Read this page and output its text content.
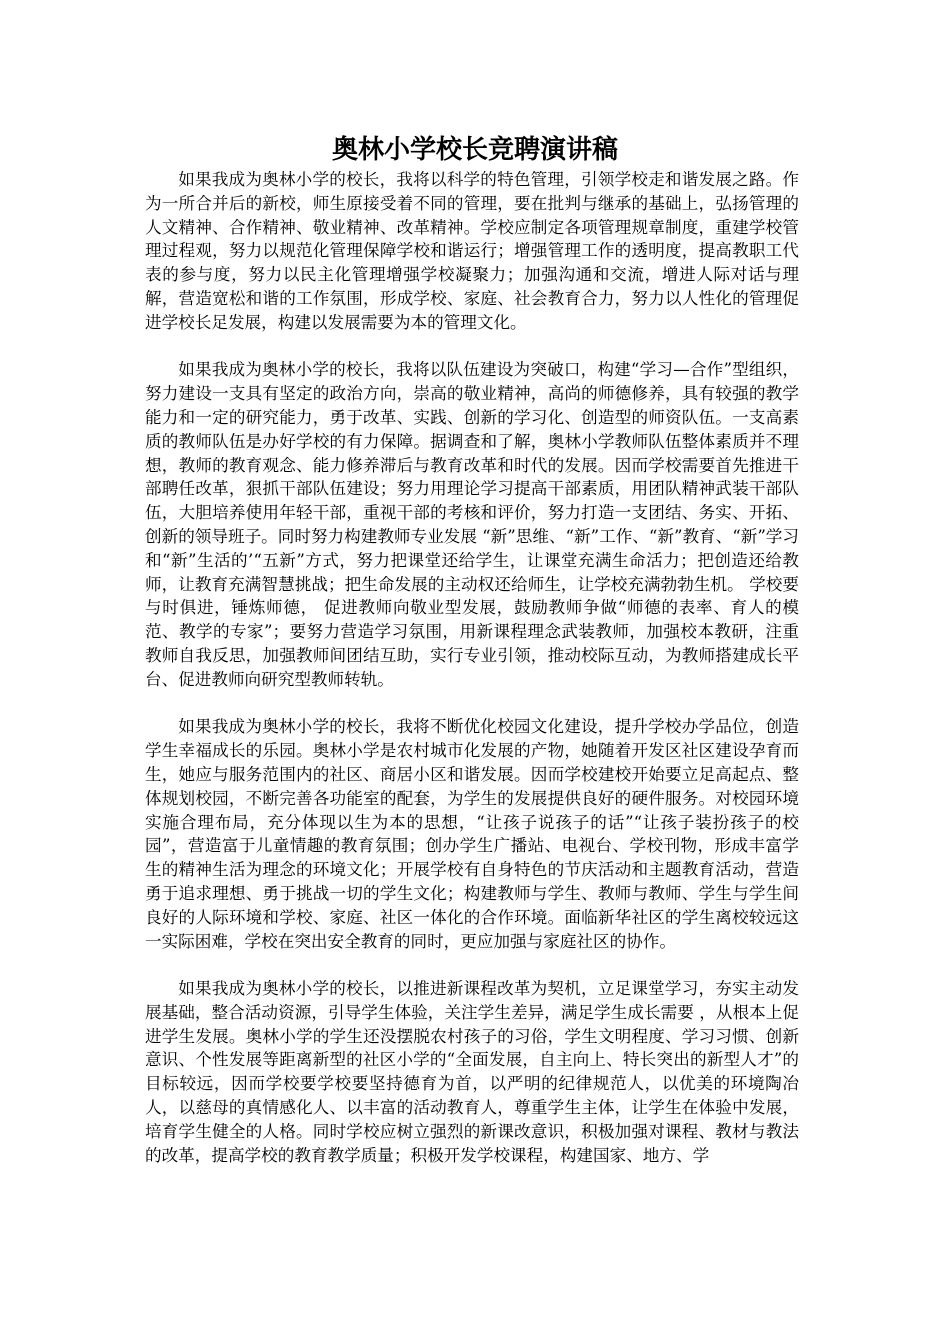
奥林小学校长竞聘演讲稿

如果我成为奥林小学的校长，我将以科学的特色管理，引领学校走和谐发展之路。作为一所合并后的新校，师生原接受着不同的管理，要在批判与继承的基础上，弘扬管理的人文精神、合作精神、敬业精神、改革精神。学校应制定各项管理规章制度，重建学校管理过程观，努力以规范化管理保障学校和谐运行；增强管理工作的透明度，提高教职工代表的参与度，努力以民主化管理增强学校凝聚力；加强沟通和交流，增进人际对话与理解，营造宽松和谐的工作氛围，形成学校、家庭、社会教育合力，努力以人性化的管理促进学校长足发展，构建以发展需要为本的管理文化。

如果我成为奥林小学的校长，我将以队伍建设为突破口，构建“学习—合作”型组织，努力建设一支具有坚定的政治方向，崇高的敬业精神，高尚的师德修养，具有较强的教学能力和一定的研究能力，勇于改革、实践、创新的学习化、创造型的师资队伍。一支高素质的教师队伍是办好学校的有力保障。据调查和了解，奥林小学教师队伍整体素质并不理想，教师的教育观念、能力修养滞后与教育改革和时代的发展。因而学校需要首先推进干部聘任改革，狠抓干部队伍建设；努力用理论学习提高干部素质，用团队精神武装干部队伍，大胆培养使用年轻干部，重视干部的考核和评价，努力打造一支团结、务实、开拓、创新的领导班子。同时努力构建教师专业发展 “新”思维、“新”工作、“新”教育、“新”学习和“新”生活的’“五新”方式，努力把课堂还给学生，让课堂充满生命活力；把创造还给教师，让教育充满智慧挑战；把生命发展的主动权还给师生，让学校充满勃勃生机。 学校要与时俱进，锤炼师德， 促进教师向敬业型发展，鼓励教师争做“师德的表率、育人的模范、教学的专家”；要努力营造学习氛围，用新课程理念武装教师，加强校本教研，注重教师自我反思，加强教师间团结互助，实行专业引领，推动校际互动，为教师搭建成长平台、促进教师向研究型教师转轨。

如果我成为奥林小学的校长，我将不断优化校园文化建设，提升学校办学品位，创造学生幸福成长的乐园。奥林小学是农村城市化发展的产物，她随着开发区社区建设孕育而生，她应与服务范围内的社区、商居小区和谐发展。因而学校建校开始要立足高起点、整体规划校园，不断完善各功能室的配套，为学生的发展提供良好的硬件服务。对校园环境实施合理布局，充分体现以生为本的思想，“让孩子说孩子的话”“让孩子装扮孩子的校园”，营造富于儿童情趣的教育氛围；创办学生广播站、电视台、学校刊物，形成丰富学生的精神生活为理念的环境文化；开展学校有自身特色的节庆活动和主题教育活动，营造勇于追求理想、勇于挑战一切的学生文化；构建教师与学生、教师与教师、学生与学生间良好的人际环境和学校、家庭、社区一体化的合作环境。面临新华社区的学生离校较远这一实际困难，学校在突出安全教育的同时，更应加强与家庭社区的协作。

如果我成为奥林小学的校长，以推进新课程改革为契机，立足课堂学习，夯实主动发展基础，整合活动资源，引导学生体验，关注学生差异，满足学生成长需要 ，从根本上促进学生发展。奥林小学的学生还没摆脱农村孩子的习俗，学生文明程度、学习习惯、创新意识、个性发展等距离新型的社区小学的“全面发展，自主向上、特长突出的新型人才”的目标较远，因而学校要学校要坚持德育为首，以严明的纪律规范人，以优美的环境陶冶人，以慈母的真情感化人、以丰富的活动教育人，尊重学生主体，让学生在体验中发展，培育学生健全的人格。同时学校应树立强烈的新课改意识，积极加强对课程、教材与教法的改革，提高学校的教育教学质量；积极开发学校课程，构建国家、地方、学
